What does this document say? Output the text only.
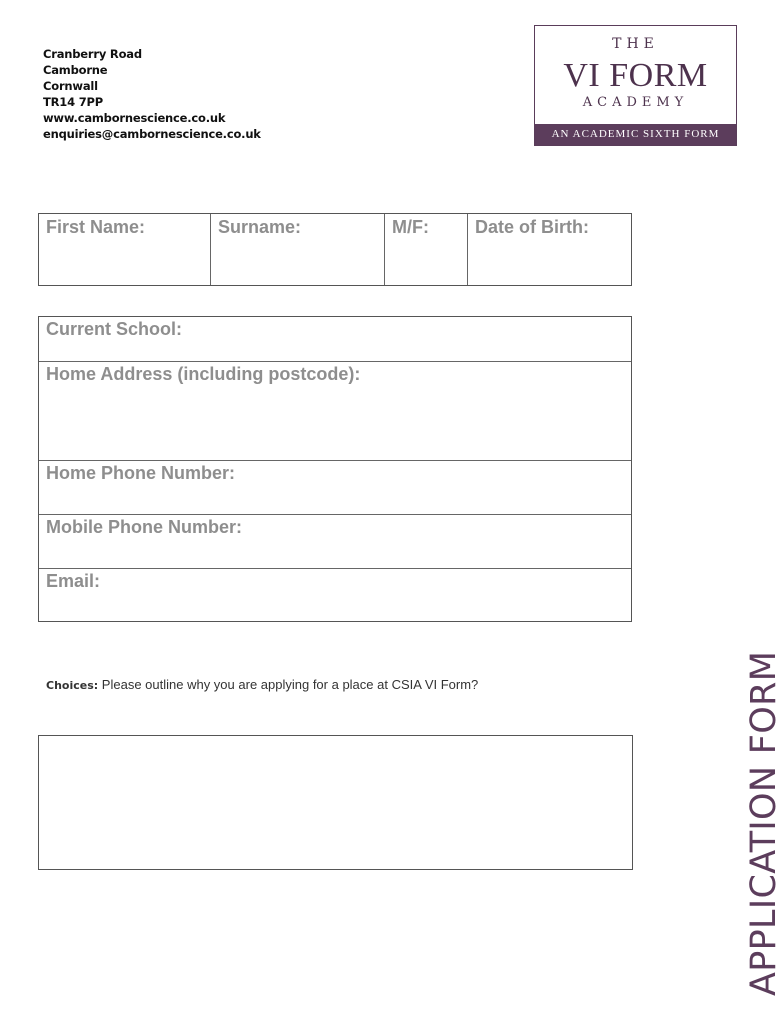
Cranberry Road
Camborne
Cornwall
TR14 7PP
www.cambornescience.co.uk
enquiries@cambornescience.co.uk
THE
VI FORM
ACADEMY
AN ACADEMIC SIXTH FORM
First Name:	Surname:	M/F:	Date of Birth:
Current School:
Home Address (including postcode):
Home Phone Number:
Mobile Phone Number:
Email:
Choices: Please outline why you are applying for a place at CSIA VI Form?	APPLICATION FORM
